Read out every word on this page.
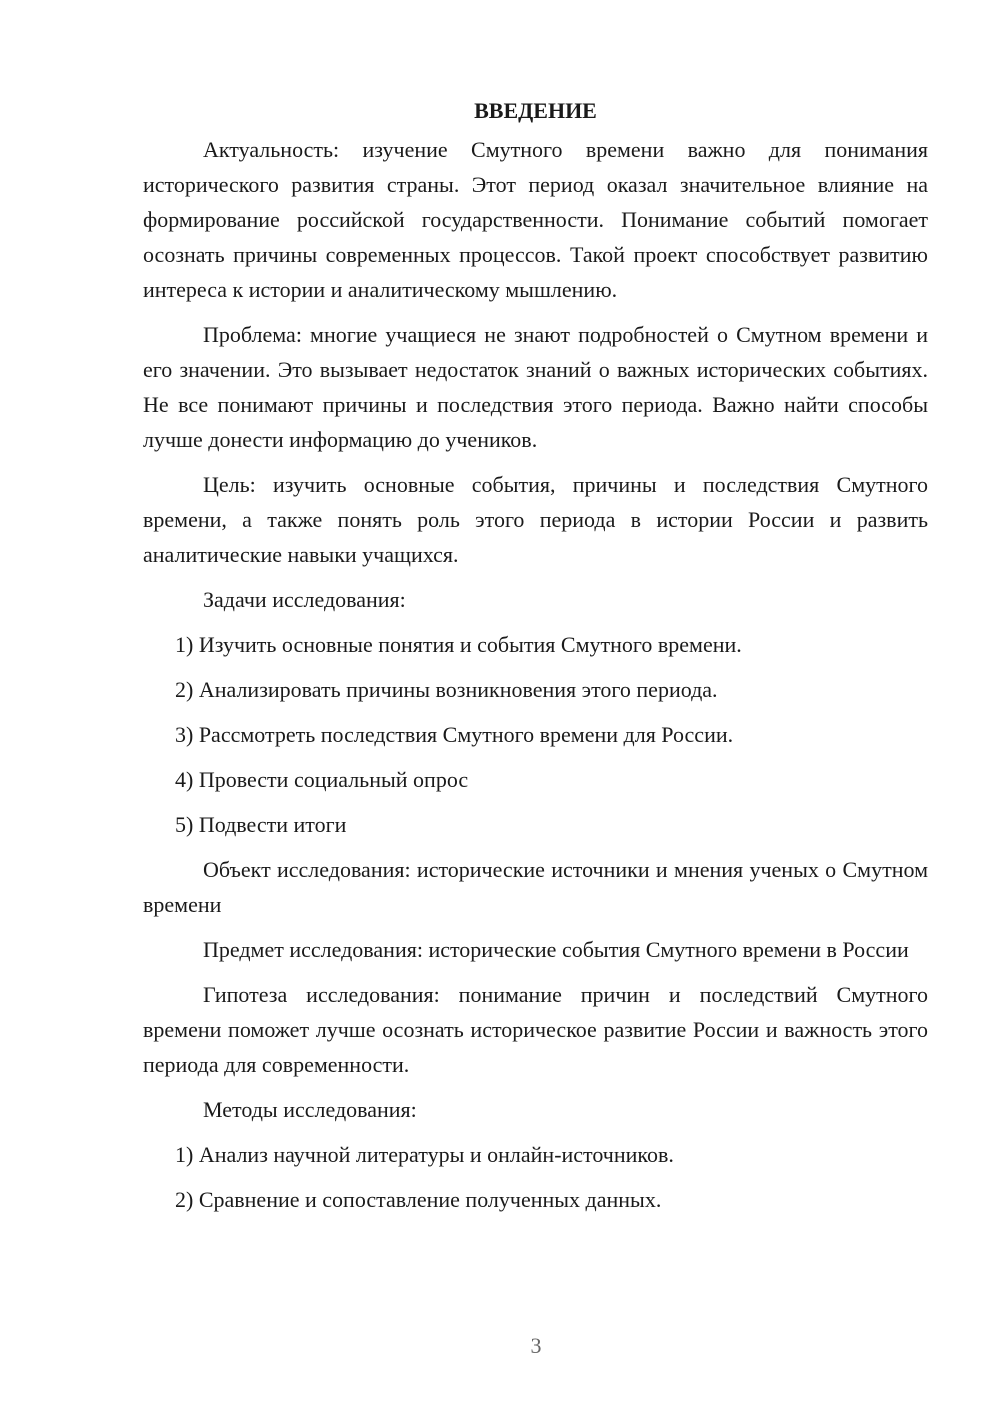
ВВЕДЕНИЕ

Актуальность: изучение Смутного времени важно для понимания исторического развития страны. Этот период оказал значительное влияние на формирование российской государственности. Понимание событий помогает осознать причины современных процессов. Такой проект способствует развитию интереса к истории и аналитическому мышлению.

Проблема: многие учащиеся не знают подробностей о Смутном времени и его значении. Это вызывает недостаток знаний о важных исторических событиях. Не все понимают причины и последствия этого периода. Важно найти способы лучше донести информацию до учеников.

Цель: изучить основные события, причины и последствия Смутного времени, а также понять роль этого периода в истории России и развить аналитические навыки учащихся.

Задачи исследования:

1) Изучить основные понятия и события Смутного времени.
2) Анализировать причины возникновения этого периода.
3) Рассмотреть последствия Смутного времени для России.
4) Провести социальный опрос
5) Подвести итоги

Объект исследования: исторические источники и мнения ученых о Смутном времени

Предмет исследования: исторические события Смутного времени в России

Гипотеза исследования: понимание причин и последствий Смутного времени поможет лучше осознать историческое развитие России и важность этого периода для современности.

Методы исследования:

1) Анализ научной литературы и онлайн-источников.
2) Сравнение и сопоставление полученных данных.
3
